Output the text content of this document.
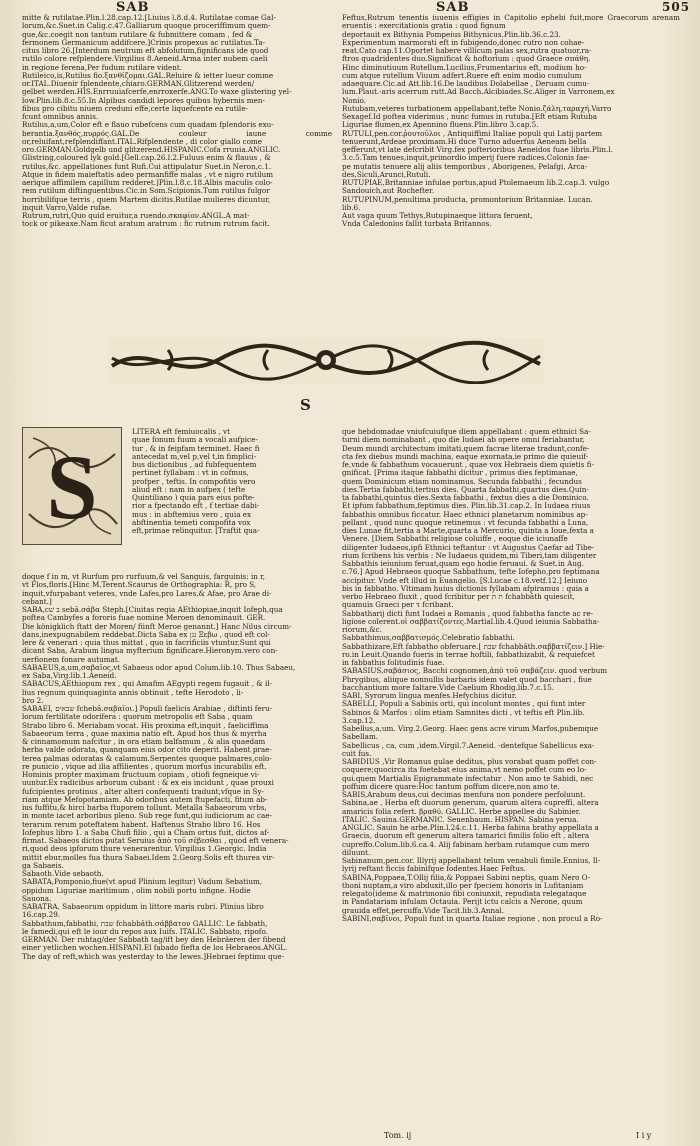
SAB	SAB	505

mitte & rutilatae.Plin.l.28.cap.12.[Liuius l.8.d.4. Rutilatae comae Gal-

lorum,&c.Suet.in Calig.c.47.Galliarum quoque proceriffimum quem-

que,&c.coegit non tantum rutilare & fubmittere comam , fed &

fermonem Germanicum addifcere.]Crinis propexus ac rutilatus.Ta-

citus libro 26.[Interdum neutrum eft abfolutum,fignificans ide quod

rutilo colore refplendere.Virgilius 8.Aeneid.Arma inter nubem caeli

in regione ferena,Per fudum rutilare vident.

Rutileico,is,Rutilus fio.ξανθίζομαι.GAL.Reluire & ietter lueur comme

or.ITAL.Diuenir fplendente,chiaro.GERMAN.Glitzerend werden/

gelbet werden.HIS.Enrruuiafcerfe,enrroxerfe.ANG.To waxe glistering yel-

low.Plin.lib.8.c.55.In Alpibus candidi lepores quibus hybernis men-

fibus pro cibitu niuem creduni effe,certe liquefcente ea rutile-

fcunt omnibus annis.

Rutilus,a,um,Color eft e flauo rubefcens cum quadam fplendoris exu-

berantia.ξανθός,πυρρός.GAL.De couleur iaune comme or,reluifant,refplendiffant.ITAL.Rifplendente , di color giallo come

oro.GERMAN.Goldgelb und glitzerend.HISPANIC.Cofa rruuia.ANGLIC.

Glistring,coloured lyk gold.[Gell.cap.26.l.2.Fuluus enim & flauus , &

rutilus,&c. appellationes funt Rufi.Cui attipulatur Suet.in Neron,c.1.

Atque in fidem maieftatis adeo permanfiffe malas , vt e nigro rutilum

aerique affimilem capillum redderet.]Plin.l.8.c.18.Albis maculis colo-

rem rutilum diftinguentibus.Cic.in Som.Scipionis.Tum rutilus fulgor

horribilifque terris , quem Martem dicitis.Rutilae mulieres dicuntur,

inquit Varro,Valde rufae.

Rutrum,rutri,Quo quid eruitur,a ruendo.σκαφίον.ANGL.A mat-

tock or pikeaxe.Nam ficut aratum aratrum : fic rutrum rutrum facit.

Feftus,Rutrum tenentis iuuenis effigies in Capitolio ephebi fuit,more Graecorum arenam eruentis : exercitationis gratia : quod fignum

deportauit ex Bithynia Pompeius Bithynicus.Plin.lib.36.c.23.

Experimentum marmorati eft in fubigendo,donec rutro non cohae-

reat.Cato cap.11.Oportet habere villicum palas sex,rutra quatuor,ra-

ftros quadridentes duo.Significat & hoftorium : quod Graece σπάθη.

Hinc diminutiuum Rutellum.Lucilius,Frumentarius eft, modium ho-

cum atque rutellum Viuum adfert.Ruere eft enim modio cumulum

adaequare.Cic.ad Att.lib.16.De laudibus Dolabellae , Deruam cumu-

lum.Plaut.-aris acerrum rutt.Ad Bacch.Alcibiades.Sc.Aliger in Varronem,ex

Nonio.

Rutubam,veteres turbationem appellabant,tefte Nonio.ζάλη,ταραχή.Varro

Sexagef.Id poftea viderimus , nunc fumus in rutuba.[Eft etiam Rutuba

Liguriae flumen,ex Apennino fluens.Plin.libro 3.cap.5.

RUTULI,pen.cor.ῥουτοῦλοι , Antiquiffimi Italiae populi qui Latij partem

tenuerunt,Ardeae proximam.Hi duce Turno aduerfus Aeneam bella

gefferunt,vt late defcribit Virg.fex pofterioribus Aeneidos fuae libris.Plin.l.

3.c.5.Tam tenues,inquit,primordio imperij fuere radices.Colonis fae-

pe mutatis tenuere alij aliis temporibus , Aborigenes, Pelafgi, Arca-

des,Siculi,Arunci,Rutuli.

RUTUPIAE,Britanniae infulae portus,apud Ptolemaeum lib.2.cap.3. vulgo

Sandouich,aut Rochefter.

RUTUPINUM,penultima producta, promontorium Britanniae. Lucan.

lib.6.

Aut vaga quum Tethys,Rutupinaeque littora feruent,

Vnda Caledonios fallit turbata Britannos.

S
S

LITERA eft femiuocalis , vt

quae fonum fuum a vocali aufpice-

tur , & in feipfam terminet. Haec fi

antecedat m,vel p,vel t,in fimplici-

bus dictionibus , ad fubfequentem

pertinet fyllabam : vt in cofmus,

profper , teftis. In compofitis vero

aliud eft : nam in aufpex ( tefte

Quintiliano ) quia pars eius pofte-

rior a fpectando eft , f tertiae dabi-

mus : in abftemius vero , quia ex

abftinentia temeti compofita vox

eft,primae relinquitur. [Traftit qua-

doque f in m, vt Rurfum pro rurfuum,& vel Sanguis, farguinis: in r,

vt Flos,floris.[Hinc M.Terent.Scaurus de Orthographia: R, pro S,

inquit,vfurpabant veteres, vnde Lafes,pro Lares,& Afae, pro Arae di-

cebant.]

SABA,ϲב שׁ sebâ.σάβα Steph.[Ciuitas regia AEthiopiae,inquit Iofeph,qua

poftea Cambyfes a fororis fuae nomine Meroen denominauit. GER.

Die königklich ftatt der Moren/ fünft Meroe genannt.] Hanc Nilus circum-

dans,inexpugnabilem reddebat.Dicta Saba ex נגן Ξεβω , quod eft col-

lere & venerari : quia thus mittat , quo in facrificiis vtuntur.Sunt qui

dicant Saba, Arabum lingua myfterium fignificare.Hieronym.vero con-

uerfionem fonare autumat.

SABAEUS,a,um,σαβαῖος,vt Sabaeus odor apud Colum.lib.10. Thus Sabaeu,

ex Saba,Virg.lib.1.Aeneid.

SABACUS,AEthiopum rex , qui Amafim AEgypti regem fugauit , & il-

lius regnum quinquaginta annis obtinuit , tefte Herodoto , li-

bro 2.

SABAEI, שבאים fchebâ.σαβαῖοι.] Populi faelicis Arabiae , diftinti feru-

lorum fertilitate odorifera : quorum metropolis eft Saba , quam

Strabo libro 6. Meriabam vocat. His proxima eft,inquit , faeliciffima

Sabaeorum terra , quae maxima natio eft. Apud hos thus & myrrha

& cinnamomum nafcitur , in ora etiam balfamum , & alia quaedam

herba valde odorata, quanquam eius odor cito deperit. Habent prae-

terea palmas odoratas & calamum.Serpentes quoque palmares,colo-

re punicio , vique ad ilia affilientes , quorum morfus incurabilis eft.

Hominis propter maximam fructuum copiam , otiofi fegneique vi-

uuntur.Ex radicibus arborum cubant : & ex eis incidunt , quae prouxi

fufcipientes protinus , alter alteri confequenti tradunt,vfque in Sy-

riam atque Mefopotamiam. Ab odoribus autem ftupefacti, fitum ab-

ius fuffitu,& hirci barba ftuporem tollunt. Metalla Sabaeorum vrbs,

in monte iacet arboribus pleno. Sub rege funt,qui iudiciorum ac cae-

terarum rerum poteftatem habent. Haftenus Strabo libro 16. Hos

Iofephus libro 1. a Saba Chufi filio , qui a Cham ortus fuit, dictos af-

firmat. Sabaeos dictos putat Seruius ἀπὸ τοῦ σέβεσθαι , quod eft venera-

ri,quod deos ipforum thure venerarentur. Virgilius 1.Georgic. India

mittit ebur,molles fua thura Sabaei.Idem 2.Georg.Solis eft thurea vir-

ga Sabaeis.

Sabaoth.Vide sebaoth.

SABATA,Pomponio,fiue(vt apud Plinium legitur) Vadum Sebatium,

oppidum Liguriae maritimum , olim nobili portu infigne. Hodie

Sauona.

SABATRA, Sabaeorum oppidum in littore maris rubri. Plinius libro

16.cap.29.

Sabbathum,fabbathi, שבת fchabbâth.σάββατον GALLIC. Le fabbath,

le famedi,qui eft le iour du repos aux Iuifs. ITALIC. Sabbato, ripofo.

GERMAN. Der ruhtag/der Sabbath tag/ift bey den Hebräeren der fibend

einer yetlichen wochen.HISPANI.El fabado fiefta de los Hebraeos.ANGL.

The day of reft,which was yesterday to the Iewes.]Hebraei feptimu que-

que hebdomadae vniufcuiufque diem appellabant : quem ethnici Sa-

turni diem nominabant , quo die Iudaei ab opere omni feriabantur,

Deum mundi architectum imitati,quem facrae literae tradunt,confe-

cta fex diebus mundi machina, eaque exornata,ie primo die quieuif-

fe,vnde & fabbathum vocauerunt , quae vox Hebraeis diem quietis fi-

gnificat. [Prima itaque fabbathi dicitur , primus dies feptimanae,

quem Dominicum etiam nominamus. Secunda fabbathi , fecundus

dies.Tertia fabbathi,tertius dies. Quarta fabbathi,quartus dies.Quin-

ta fabbathi,quintus dies.Sexta fabbathi , fextus dies a die Dominico.

Et ipfum fabbathum,feptimus dies. Plin.lib.31.cap.2. In Iudaea riuus

fabbathis omnibus ficcatur. Haec ethnici planetarum nominibus ap-

pellant , quod nunc quoque retinemus : vt fecunda fabbathi a Luna,

dies Lunae fit,tertia a Marte,quarta a Mercurio, quinta a Ioue,fexta a

Venere. [Diem Sabbathi religiose coluiffe , eoque die iciunaffe

diligenter Iudaeos,ipfi Ethnici teftantur : vt Augustus Caefar ad Tibe-

rium fcribens his verbis : Ne Iudaeus quidem,mi Tiberi,tam diligenter

Sabbathis ieiunium feruat,quam ego hodie feruaui. & Suet.in Aug.

c.76.] Apud Hebraeos quoque Sabbathum, tefte Iofepho,pro feptimana

accipitur. Vnde eft illud in Euangelio. [S.Lucae c.18.vetf.12.] Ieiuno

bis in fabbatho. Vltimam huius dictionis fyllabam afpiramus : quia a

verbo Hebraeo fluxit , quod fcribitur per ת ת fchabbâth quiescit,

quamuis Graeci per τ fcribant.

Sabbatharij dicti funt Iudaei a Romanis , quod fabbatha fancte ac re-

ligiose colerent.οἱ σαββατίζοντες.Martial.lib.4.Quod ieiunia Sabbatha-

riorum,&c.

Sabbathimus,σαββατισμός.Celebratio fabbathi.

Sabbathizare,Eft fabbatho obferuare.[ שבת fchabbâth.σαββατίζειν.] Hie-

ro.in Leuit.Quando fueris in terrae hoftili, fabbathizabit, & requiefcet

in fabbathis folitudinis fuae.

SABASIUS,σαβάσιος, Bacchi cognomen,ἀπὸ τοῦ σαβάζειν. quod verbum

Phrygibus, aliique nonnullis barbaris idem valet quod bacchari , fiue

bacchantium more faltare.Vide Caelium Rhodig.lib.7.c.15.

SABI, Syrorum lingua menfes.Hefychius dicitur.

SABELLI, Populi a Sabinis orti, qui incolunt montes , qui funt inter

Sabinos & Marfos : olim etiam Samnites dicti , vt teftis eft Plin.lib.

3.cap.12.

Sabellus,a,um. Virg.2.Georg. Haec gens acre virum Marfos,pubemque

Sabellam.

Sabellicus , ca, cum ,idem.Virgil.7.Aeneid. -dentefque Sabellicus exa-

cuit fus.

SABIDIUS ,Vir Romanus gulae deditus, plus vorabat quam poffet con-

coquere;quocirca ita foetebat eius anima,vt nemo poffet cum eo lo-

qui.quem Martialis Epigrammate infectatur . Non amo te Sabidi, nec

poffum dicere quare:Hoc tantum poffum dicere,non amo te.

SABIS,Arabum deus,cui decimas menfura non pondere perfoluunt.

Sabina,ae , Herba eft duorum generum, quarum altera cupreffi, altera

amaricis folia refert. βραθύ. GALLIC. Herbe appellee du Sabinier.

ITALIC. Sauina.GERMANIC. Seuenbaum. HISPAN. Sabina yerua.

ANGLIC. Sauin he arbe.Plin.l.24.c.11. Herba fabina brathy appellata a

Graecis, duorum eft generum altera tamarici fimilis folio eft , altera

cupreffo.Colum.lib.6.ca.4. Alij fabinam herbam rutamque cum mero

diluunt.

Sabinanum,pen.cor. Illyrij appellabant telum venabuli fimile.Ennius, Il-

lyrij reftant ficcis fabinifque fodentes.Haec Feftus.

SABINA,Poppaea,T.Ollij filia,& Poppaei Sabini neptis, quam Nero O-

thoni nuptam,a viro abduxit,illo per fpeciem honoris in Lufitaniam

relegato(ideme & matrimonio fibi coniunxit, repudiata relegataque

in Pandatariam infulam Octauia. Perijt ictu calcis a Nerone, quum

grauida effet,percuffa.Vide Tacit.lib.3.Annal.

SABINI,σαβῖνοι, Populi funt in quarta Italiae regione , non procul a Ro-

Tom. ij	I i y
